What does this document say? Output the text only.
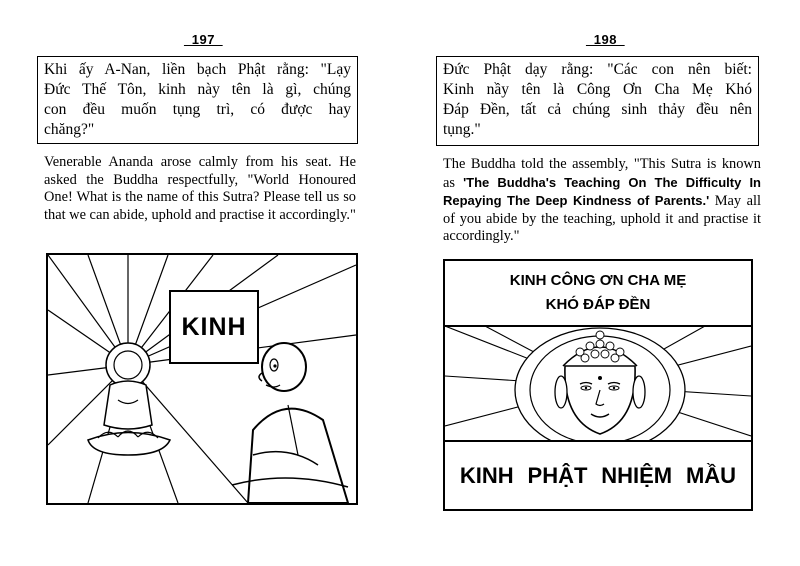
_197_
Khi ấy A-Nan, liền bạch Phật rằng: "Lạy
Đức Thế Tôn, kinh này tên là gì, chúng
con đều muốn tụng trì, có được hay
chăng?"
Venerable Ananda arose calmly from his seat. He asked the Buddha respectfully, "World Honoured One! What is the name of this Sutra? Please tell us so that we can abide, uphold and practise it accordingly."
KINH
_198_
Đức Phật dạy rằng: "Các con nên biết:
Kinh nầy tên là Công Ơn Cha Mẹ Khó
Đáp Đền, tất cả chúng sinh thảy đều nên
tụng."
The Buddha told the assembly, "This Sutra is known as 'The Buddha's Teaching On The Difficulty In Repaying The Deep Kindness of Parents.' May all of you abide by the teaching, uphold it and practise it accordingly."
KINH CÔNG ƠN CHA MẸ
KHÓ ĐÁP ĐỀN
KINH PHẬT NHIỆM MẦU
